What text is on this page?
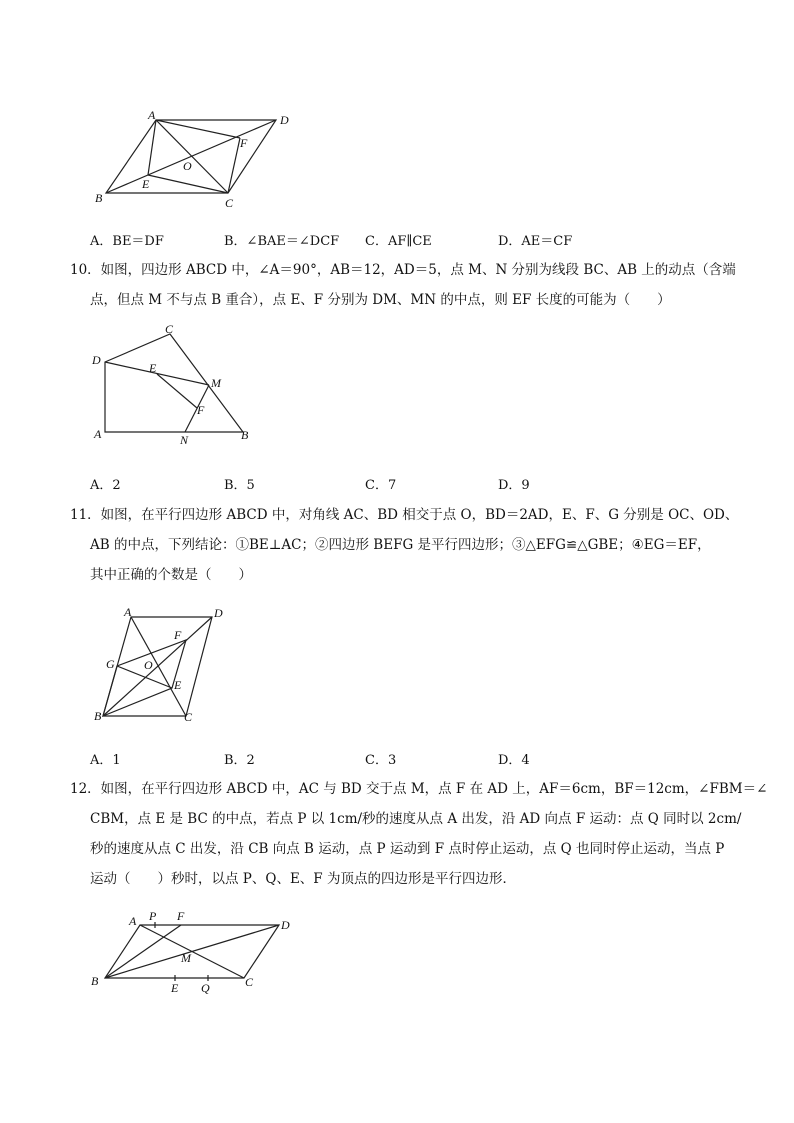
A	D
B	C
O
E
F
A．BE＝DF	B．∠BAE＝∠DCF C．AF∥CE	D．AE＝CF

10．如图，四边形 ABCD 中，∠A＝90°，AB＝12，AD＝5，点 M、N 分别为线段 BC、AB 上的动点（含端

点，但点 M 不与点 B 重合），点 E、F 分别为 DM、MN 的中点，则 EF 长度的可能为（　　）

D
C
E
M
F
A	N	B
A．2	B．5	C．7	D．9

11．如图，在平行四边形 ABCD 中，对角线 AC、BD 相交于点 O，BD＝2AD，E、F、G 分别是 OC、OD、

AB 的中点，下列结论：①BE⊥AC；②四边形 BEFG 是平行四边形；③△EFG≌△GBE；④EG＝EF，

其中正确的个数是（　　）

A	D
F
G O
E
B	C
A．1	B．2	C．3	D．4

12．如图，在平行四边形 ABCD 中，AC 与 BD 交于点 M，点 F 在 AD 上，AF＝6cm，BF＝12cm，∠FBM＝∠

CBM，点 E 是 BC 的中点，若点 P 以 1cm/秒的速度从点 A 出发，沿 AD 向点 F 运动：点 Q 同时以 2cm/

秒的速度从点 C 出发，沿 CB 向点 B 运动，点 P 运动到 F 点时停止运动，点 Q 也同时停止运动，当点 P

运动（　　）秒时，以点 P、Q、E、F 为顶点的四边形是平行四边形．

A P F
D
M
B	E Q	C
